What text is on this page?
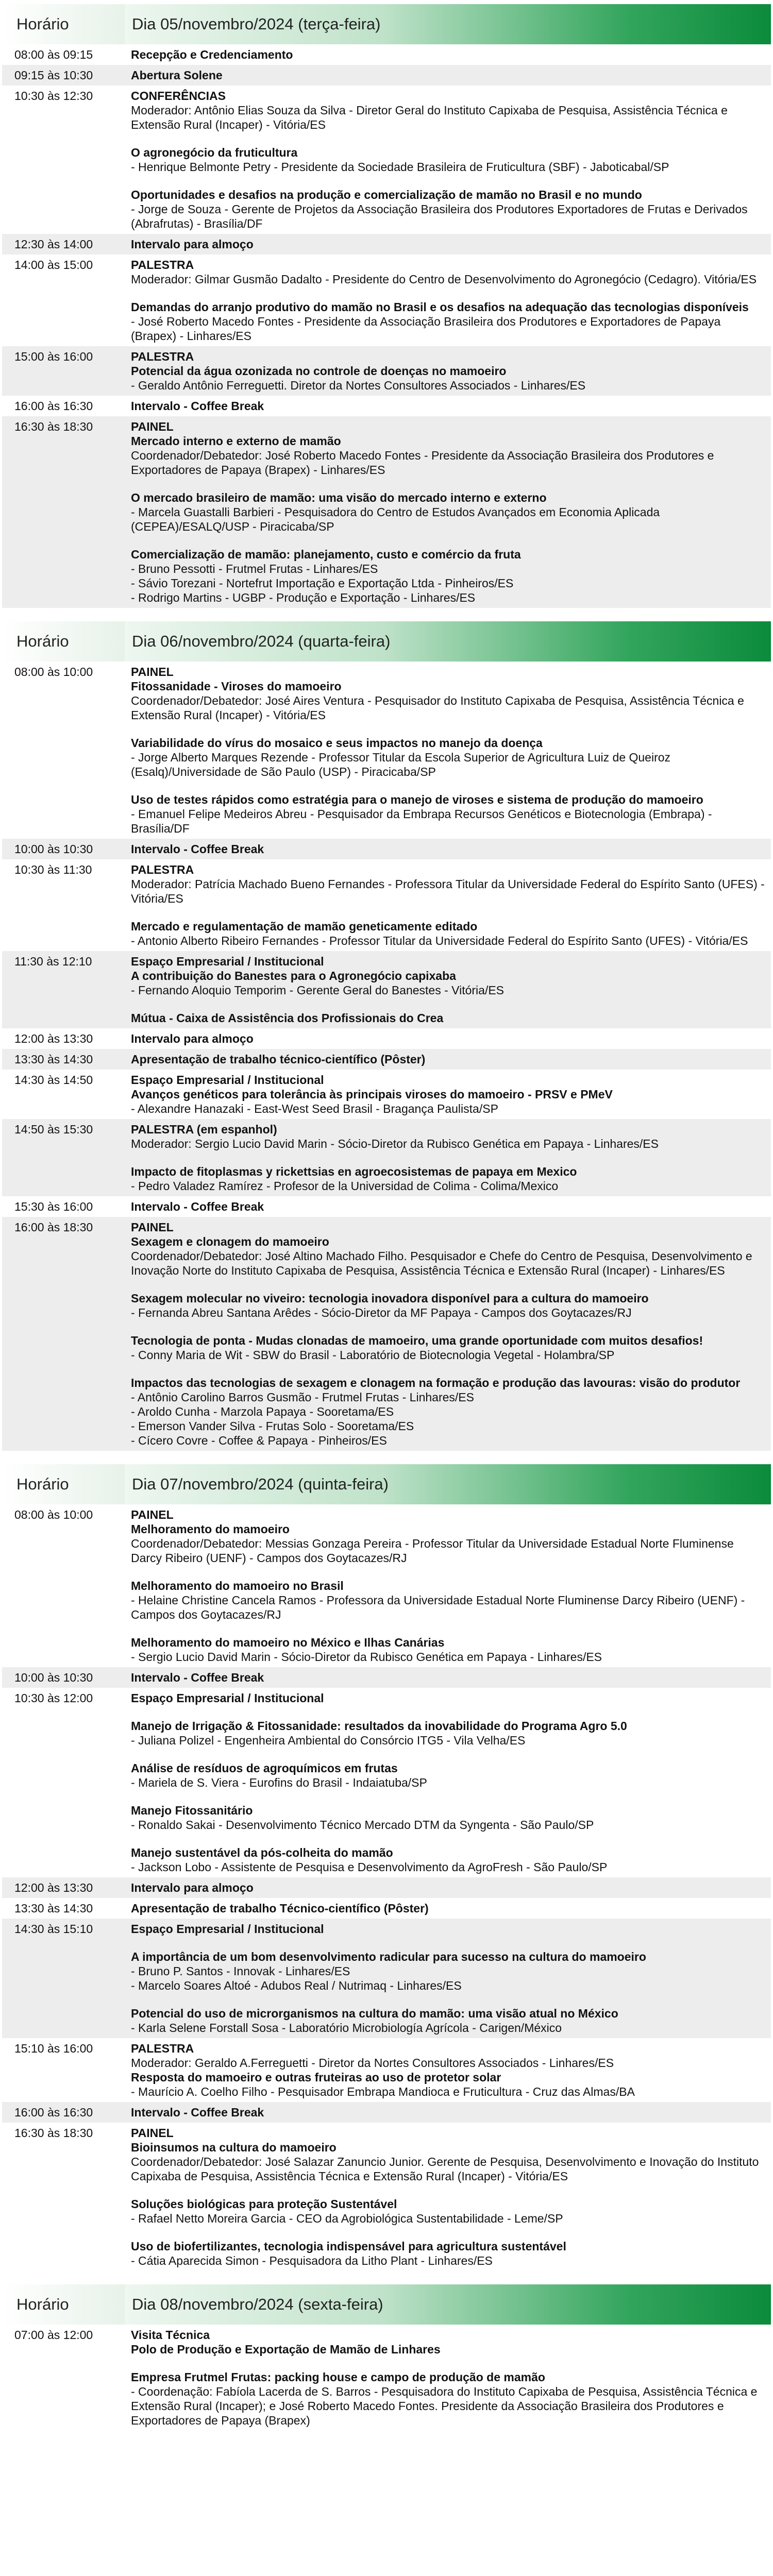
Horário	Dia 05/novembro/2024 (terça-feira)
08:00 às 09:15	Recepção e Credenciamento
09:15 às 10:30	Abertura Solene
10:30 às 12:30	CONFERÊNCIAS
Moderador: Antônio Elias Souza da Silva - Diretor Geral do Instituto Capixaba de Pesquisa, Assistência Técnica e Extensão Rural (Incaper) - Vitória/ES
O agronegócio da fruticultura
- Henrique Belmonte Petry - Presidente da Sociedade Brasileira de Fruticultura (SBF) - Jaboticabal/SP
Oportunidades e desafios na produção e comercialização de mamão no Brasil e no mundo
- Jorge de Souza - Gerente de Projetos da Associação Brasileira dos Produtores Exportadores de Frutas e Derivados (Abrafrutas) - Brasília/DF
12:30 às 14:00	Intervalo para almoço
14:00 às 15:00	PALESTRA
Moderador: Gilmar Gusmão Dadalto - Presidente do Centro de Desenvolvimento do Agronegócio (Cedagro). Vitória/ES
Demandas do arranjo produtivo do mamão no Brasil e os desafios na adequação das tecnologias disponíveis
- José Roberto Macedo Fontes - Presidente da Associação Brasileira dos Produtores e Exportadores de Papaya (Brapex) - Linhares/ES
15:00 às 16:00	PALESTRA
Potencial da água ozonizada no controle de doenças no mamoeiro
- Geraldo Antônio Ferreguetti. Diretor da Nortes Consultores Associados - Linhares/ES
16:00 às 16:30	Intervalo - Coffee Break
16:30 às 18:30	PAINEL
Mercado interno e externo de mamão
Coordenador/Debatedor: José Roberto Macedo Fontes - Presidente da Associação Brasileira dos Produtores e Exportadores de Papaya (Brapex) - Linhares/ES
O mercado brasileiro de mamão: uma visão do mercado interno e externo
- Marcela Guastalli Barbieri - Pesquisadora do Centro de Estudos Avançados em Economia Aplicada (CEPEA)/ESALQ/USP - Piracicaba/SP
Comercialização de mamão: planejamento, custo e comércio da fruta
- Bruno Pessotti - Frutmel Frutas - Linhares/ES
- Sávio Torezani - Nortefrut Importação e Exportação Ltda - Pinheiros/ES
- Rodrigo Martins - UGBP - Produção e Exportação - Linhares/ES
Horário	Dia 06/novembro/2024 (quarta-feira)
08:00 às 10:00	PAINEL
Fitossanidade - Viroses do mamoeiro
Coordenador/Debatedor: José Aires Ventura - Pesquisador do Instituto Capixaba de Pesquisa, Assistência Técnica e Extensão Rural (Incaper) - Vitória/ES
Variabilidade do vírus do mosaico e seus impactos no manejo da doença
- Jorge Alberto Marques Rezende - Professor Titular da Escola Superior de Agricultura Luiz de Queiroz (Esalq)/Universidade de São Paulo (USP) - Piracicaba/SP
Uso de testes rápidos como estratégia para o manejo de viroses e sistema de produção do mamoeiro
- Emanuel Felipe Medeiros Abreu - Pesquisador da Embrapa Recursos Genéticos e Biotecnologia (Embrapa) - Brasília/DF
10:00 às 10:30	Intervalo - Coffee Break
10:30 às 11:30	PALESTRA
Moderador: Patrícia Machado Bueno Fernandes - Professora Titular da Universidade Federal do Espírito Santo (UFES) - Vitória/ES
Mercado e regulamentação de mamão geneticamente editado
- Antonio Alberto Ribeiro Fernandes - Professor Titular da Universidade Federal do Espírito Santo (UFES) - Vitória/ES
11:30 às 12:10	Espaço Empresarial / Institucional
A contribuição do Banestes para o Agronegócio capixaba
- Fernando Aloquio Temporim - Gerente Geral do Banestes - Vitória/ES
Mútua - Caixa de Assistência dos Profissionais do Crea
12:00 às 13:30	Intervalo para almoço
13:30 às 14:30	Apresentação de trabalho técnico-científico (Pôster)
14:30 às 14:50	Espaço Empresarial / Institucional
Avanços genéticos para tolerância às principais viroses do mamoeiro - PRSV e PMeV
- Alexandre Hanazaki - East-West Seed Brasil - Bragança Paulista/SP
14:50 às 15:30	PALESTRA (em espanhol)
Moderador: Sergio Lucio David Marin - Sócio-Diretor da Rubisco Genética em Papaya - Linhares/ES
Impacto de fitoplasmas y rickettsias en agroecosistemas de papaya em Mexico
- Pedro Valadez Ramírez - Profesor de la Universidad de Colima - Colima/Mexico
15:30 às 16:00	Intervalo - Coffee Break
16:00 às 18:30	PAINEL
Sexagem e clonagem do mamoeiro
Coordenador/Debatedor: José Altino Machado Filho. Pesquisador e Chefe do Centro de Pesquisa, Desenvolvimento e Inovação Norte do Instituto Capixaba de Pesquisa, Assistência Técnica e Extensão Rural (Incaper) - Linhares/ES
Sexagem molecular no viveiro: tecnologia inovadora disponível para a cultura do mamoeiro
- Fernanda Abreu Santana Arêdes - Sócio-Diretor da MF Papaya - Campos dos Goytacazes/RJ
Tecnologia de ponta - Mudas clonadas de mamoeiro, uma grande oportunidade com muitos desafios!
- Conny Maria de Wit - SBW do Brasil - Laboratório de Biotecnologia Vegetal - Holambra/SP
Impactos das tecnologias de sexagem e clonagem na formação e produção das lavouras: visão do produtor
- Antônio Carolino Barros Gusmão - Frutmel Frutas - Linhares/ES
- Aroldo Cunha - Marzola Papaya - Sooretama/ES
- Emerson Vander Silva - Frutas Solo - Sooretama/ES
- Cícero Covre - Coffee & Papaya - Pinheiros/ES
Horário	Dia 07/novembro/2024 (quinta-feira)
08:00 às 10:00	PAINEL
Melhoramento do mamoeiro
Coordenador/Debatedor: Messias Gonzaga Pereira - Professor Titular da Universidade Estadual Norte Fluminense Darcy Ribeiro (UENF) - Campos dos Goytacazes/RJ
Melhoramento do mamoeiro no Brasil
- Helaine Christine Cancela Ramos - Professora da Universidade Estadual Norte Fluminense Darcy Ribeiro (UENF) - Campos dos Goytacazes/RJ
Melhoramento do mamoeiro no México e Ilhas Canárias
- Sergio Lucio David Marin - Sócio-Diretor da Rubisco Genética em Papaya - Linhares/ES
10:00 às 10:30	Intervalo - Coffee Break
10:30 às 12:00	Espaço Empresarial / Institucional
Manejo de Irrigação & Fitossanidade: resultados da inovabilidade do Programa Agro 5.0
- Juliana Polizel - Engenheira Ambiental do Consórcio ITG5 - Vila Velha/ES
Análise de resíduos de agroquímicos em frutas
- Mariela de S. Viera - Eurofins do Brasil - Indaiatuba/SP
Manejo Fitossanitário
- Ronaldo Sakai - Desenvolvimento Técnico Mercado DTM da Syngenta - São Paulo/SP
Manejo sustentável da pós-colheita do mamão
- Jackson Lobo - Assistente de Pesquisa e Desenvolvimento da AgroFresh - São Paulo/SP
12:00 às 13:30	Intervalo para almoço
13:30 às 14:30	Apresentação de trabalho Técnico-científico (Pôster)
14:30 às 15:10	Espaço Empresarial / Institucional
A importância de um bom desenvolvimento radicular para sucesso na cultura do mamoeiro
- Bruno P. Santos - Innovak - Linhares/ES
- Marcelo Soares Altoé - Adubos Real / Nutrimaq - Linhares/ES
Potencial do uso de microrganismos na cultura do mamão: uma visão atual no México
- Karla Selene Forstall Sosa - Laboratório Microbiología Agrícola - Carigen/México
15:10 às 16:00	PALESTRA
Moderador: Geraldo A.Ferreguetti - Diretor da Nortes Consultores Associados - Linhares/ES
Resposta do mamoeiro e outras fruteiras ao uso de protetor solar
- Maurício A. Coelho Filho - Pesquisador Embrapa Mandioca e Fruticultura - Cruz das Almas/BA
16:00 às 16:30	Intervalo - Coffee Break
16:30 às 18:30	PAINEL
Bioinsumos na cultura do mamoeiro
Coordenador/Debatedor: José Salazar Zanuncio Junior. Gerente de Pesquisa, Desenvolvimento e Inovação do Instituto Capixaba de Pesquisa, Assistência Técnica e Extensão Rural (Incaper) - Vitória/ES
Soluções biológicas para proteção Sustentável
- Rafael Netto Moreira Garcia - CEO da Agrobiológica Sustentabilidade - Leme/SP
Uso de biofertilizantes, tecnologia indispensável para agricultura sustentável
- Cátia Aparecida Simon - Pesquisadora da Litho Plant - Linhares/ES
Horário	Dia 08/novembro/2024 (sexta-feira)
07:00 às 12:00	Visita Técnica
Polo de Produção e Exportação de Mamão de Linhares
Empresa Frutmel Frutas: packing house e campo de produção de mamão
- Coordenação: Fabíola Lacerda de S. Barros - Pesquisadora do Instituto Capixaba de Pesquisa, Assistência Técnica e Extensão Rural (Incaper); e José Roberto Macedo Fontes. Presidente da Associação Brasileira dos Produtores e Exportadores de Papaya (Brapex)
